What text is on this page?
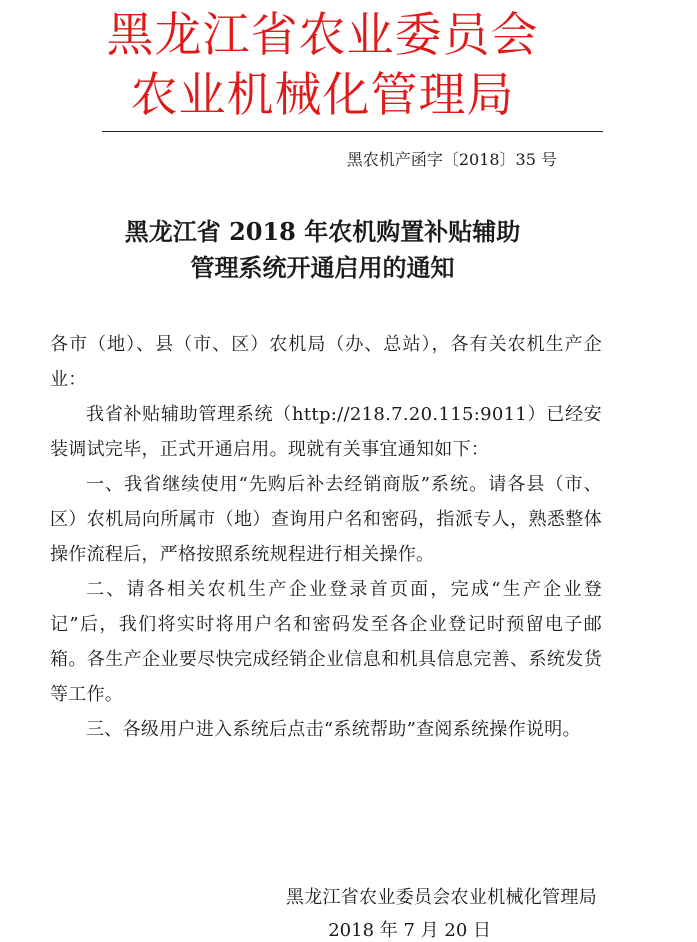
黑龙江省农业委员会
农业机械化管理局
黑农机产函字〔2018〕35 号
黑龙江省 2018 年农机购置补贴辅助
管理系统开通启用的通知

各市（地）、县（市、区）农机局（办、总站），各有关农机生产企业：

我省补贴辅助管理系统（http://218.7.20.115:9011）已经安装调试完毕，正式开通启用。现就有关事宜通知如下：

一、我省继续使用“先购后补去经销商版”系统。请各县（市、区）农机局向所属市（地）查询用户名和密码，指派专人，熟悉整体操作流程后，严格按照系统规程进行相关操作。

二、请各相关农机生产企业登录首页面，完成“生产企业登记”后，我们将实时将用户名和密码发至各企业登记时预留电子邮箱。各生产企业要尽快完成经销企业信息和机具信息完善、系统发货等工作。

三、各级用户进入系统后点击“系统帮助”查阅系统操作说明。

黑龙江省农业委员会农业机械化管理局
2018 年 7 月 20 日
